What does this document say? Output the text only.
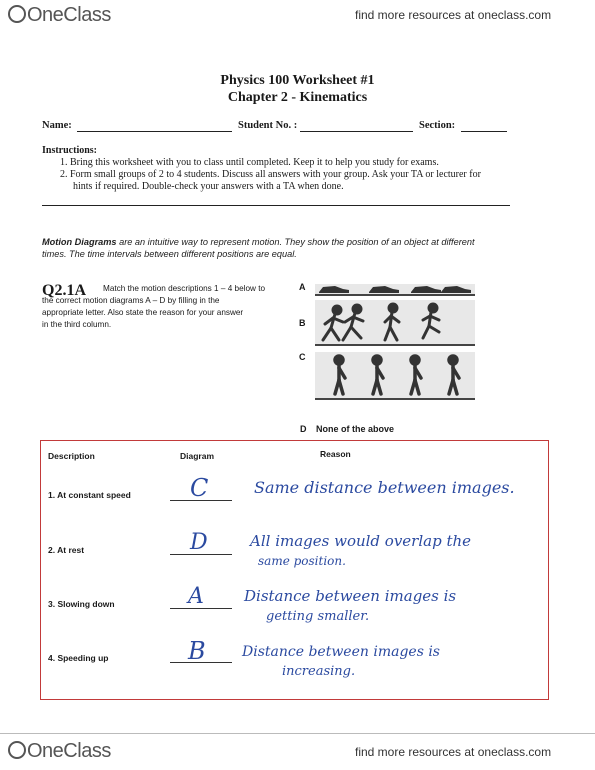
OneClass	find more resources at oneclass.com
Physics 100 Worksheet #1
Chapter 2 - Kinematics
Name:	Student No. :	Section:
Instructions:
1. Bring this worksheet with you to class until completed. Keep it to help you study for exams.
2. Form small groups of 2 to 4 students. Discuss all answers with your group. Ask your TA or lecturer for
hints if required. Double-check your answers with a TA when done.
Motion Diagrams are an intuitive way to represent motion. They show the position of an object at different
times. The time intervals between different positions are equal.
Q2.1A Match the motion descriptions 1 – 4 below to
the correct motion diagrams A – D by filling in the
appropriate letter. Also state the reason for your answer
in the third column.
A
B
C
D None of the above
Description	Diagram	Reason
1. At constant speed C	Same distance between images.
2. At rest	D	All images would overlap the
same position.
3. Slowing down	A	Distance between images is
getting smaller.
4. Speeding up	B	Distance between images is
increasing.
OneClass	find more resources at oneclass.com
